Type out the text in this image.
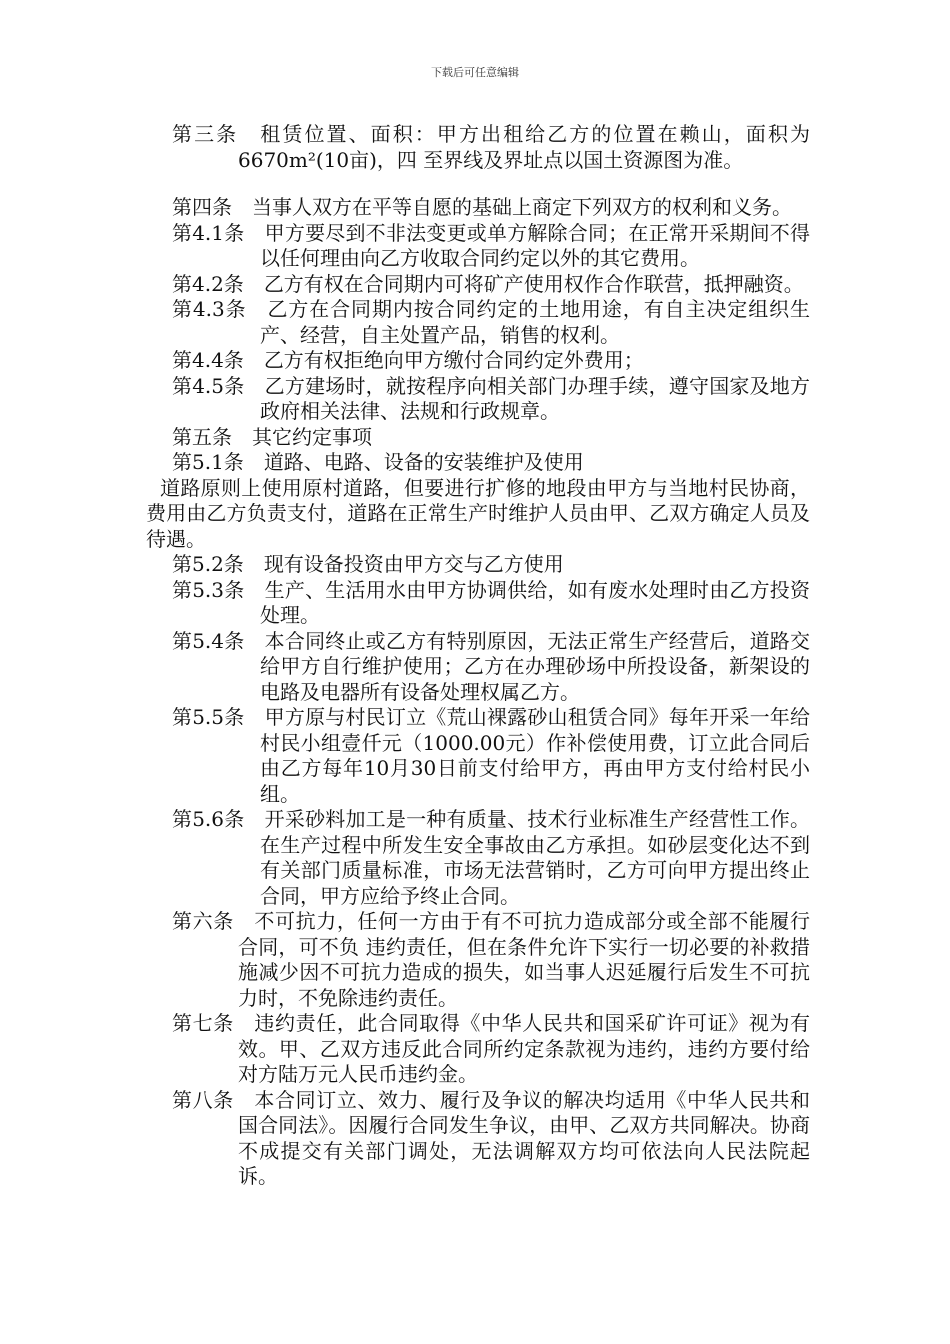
下载后可任意编辑

第三条　 租赁位置、面积：甲方出租给乙方的位置在赖山，面积为6670m²(10亩)，四 至界线及界址点以国土资源图为准。

第四条　 当事人双方在平等自愿的基础上商定下列双方的权利和义务。

第4.1条　 甲方要尽到不非法变更或单方解除合同；在正常开采期间不得以任何理由向乙方收取合同约定以外的其它费用。

第4.2条　 乙方有权在合同期内可将矿产使用权作合作联营，抵押融资。

第4.3条　 乙方在合同期内按合同约定的土地用途，有自主决定组织生产、经营，自主处置产品，销售的权利。

第4.4条　 乙方有权拒绝向甲方缴付合同约定外费用；

第4.5条　 乙方建场时，就按程序向相关部门办理手续，遵守国家及地方政府相关法律、法规和行政规章。

第五条　 其它约定事项

第5.1条　 道路、电路、设备的安装维护及使用

道路原则上使用原村道路，但要进行扩修的地段由甲方与当地村民协商，费用由乙方负责支付，道路在正常生产时维护人员由甲、乙双方确定人员及待遇。

第5.2条　 现有设备投资由甲方交与乙方使用

第5.3条　 生产、生活用水由甲方协调供给，如有废水处理时由乙方投资处理。

第5.4条　 本合同终止或乙方有特别原因，无法正常生产经营后，道路交给甲方自行维护使用；乙方在办理砂场中所投设备，新架设的电路及电器所有设备处理权属乙方。

第5.5条　 甲方原与村民订立《荒山裸露砂山租赁合同》每年开采一年给村民小组壹仟元（1000.00元）作补偿使用费，订立此合同后由乙方每年10月30日前支付给甲方，再由甲方支付给村民小组。

第5.6条　 开采砂料加工是一种有质量、技术行业标准生产经营性工作。在生产过程中所发生安全事故由乙方承担。如砂层变化达不到有关部门质量标准，市场无法营销时，乙方可向甲方提出终止合同，甲方应给予终止合同。

第六条　 不可抗力，任何一方由于有不可抗力造成部分或全部不能履行合同，可不负 违约责任，但在条件允许下实行一切必要的补救措施减少因不可抗力造成的损失，如当事人迟延履行后发生不可抗力时，不免除违约责任。

第七条　 违约责任，此合同取得《中华人民共和国采矿许可证》视为有效。甲、乙双方违反此合同所约定条款视为违约，违约方要付给对方陆万元人民币违约金。

第八条　 本合同订立、效力、履行及争议的解决均适用《中华人民共和国合同法》。因履行合同发生争议，由甲、乙双方共同解决。协商不成提交有关部门调处，无法调解双方均可依法向人民法院起诉。
